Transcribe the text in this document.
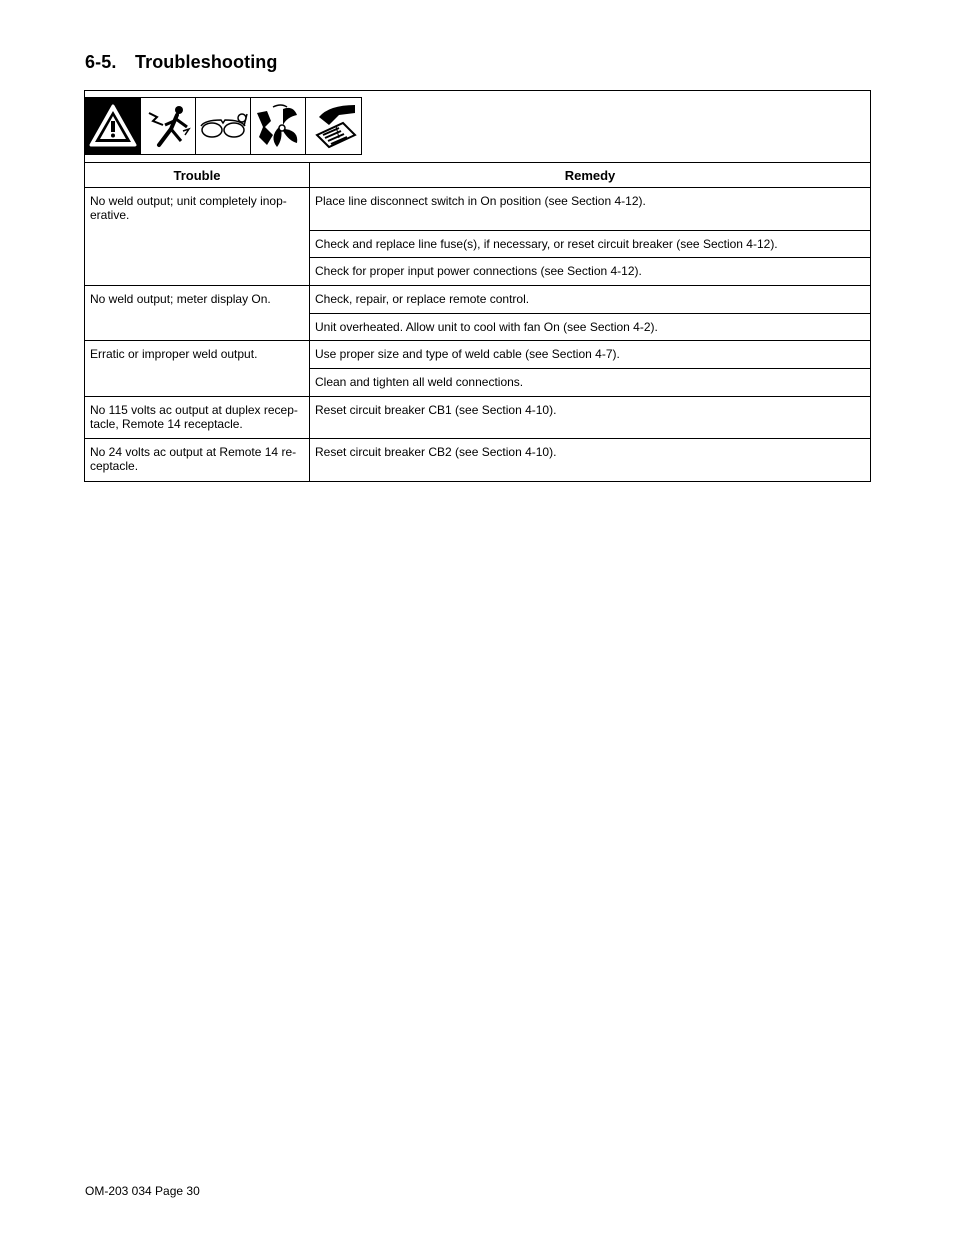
6-5. Troubleshooting
Trouble	Remedy
No weld output; unit completely inop-erative.	Place line disconnect switch in On position (see Section 4-12).
	Check and replace line fuse(s), if necessary, or reset circuit breaker (see Section 4-12).
	Check for proper input power connections (see Section 4-12).
No weld output; meter display On.	Check, repair, or replace remote control.
	Unit overheated. Allow unit to cool with fan On (see Section 4-2).
Erratic or improper weld output.	Use proper size and type of weld cable (see Section 4-7).
	Clean and tighten all weld connections.
No 115 volts ac output at duplex recep-tacle, Remote 14 receptacle.	Reset circuit breaker CB1 (see Section 4-10).
No 24 volts ac output at Remote 14 re-ceptacle.	Reset circuit breaker CB2 (see Section 4-10).
OM-203 034 Page 30
